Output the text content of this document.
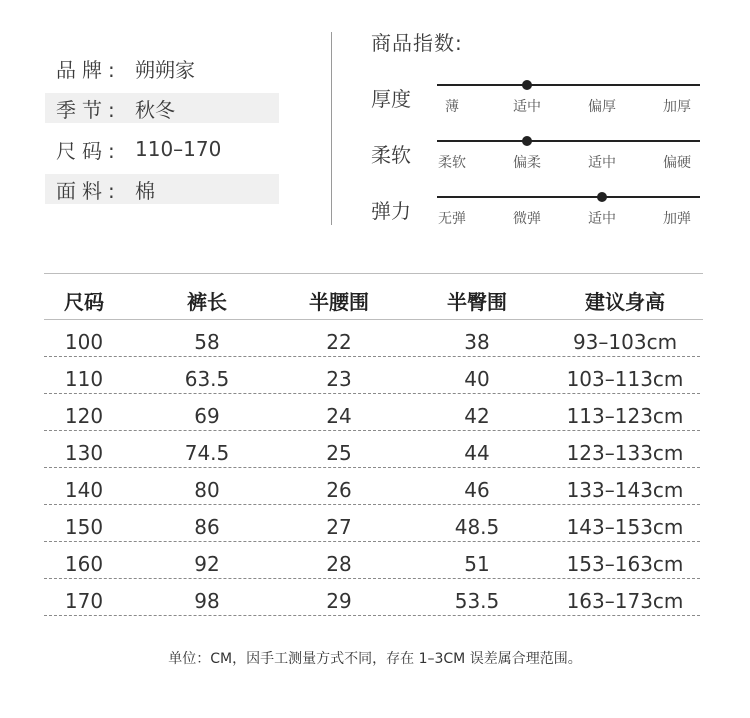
品牌: 朔朔家
季节: 秋冬
尺码: 110–170
面料: 棉
商品指数:
厚度 薄	适中	偏厚	加厚
柔软 柔软	偏柔	适中	偏硬
弹力 无弹	微弹	适中	加弹
尺码	裤长	半腰围	半臀围	建议身高
100	58	22	38	93–103cm
110	63.5	23	40	103–113cm
120	69	24	42	113–123cm
130	74.5	25	44	123–133cm
140	80	26	46	133–143cm
150	86	27	48.5	143–153cm
160	92	28	51	153–163cm
170	98	29	53.5	163–173cm
单位：CM，因手工测量方式不同，存在 1–3CM 误差属合理范围。
